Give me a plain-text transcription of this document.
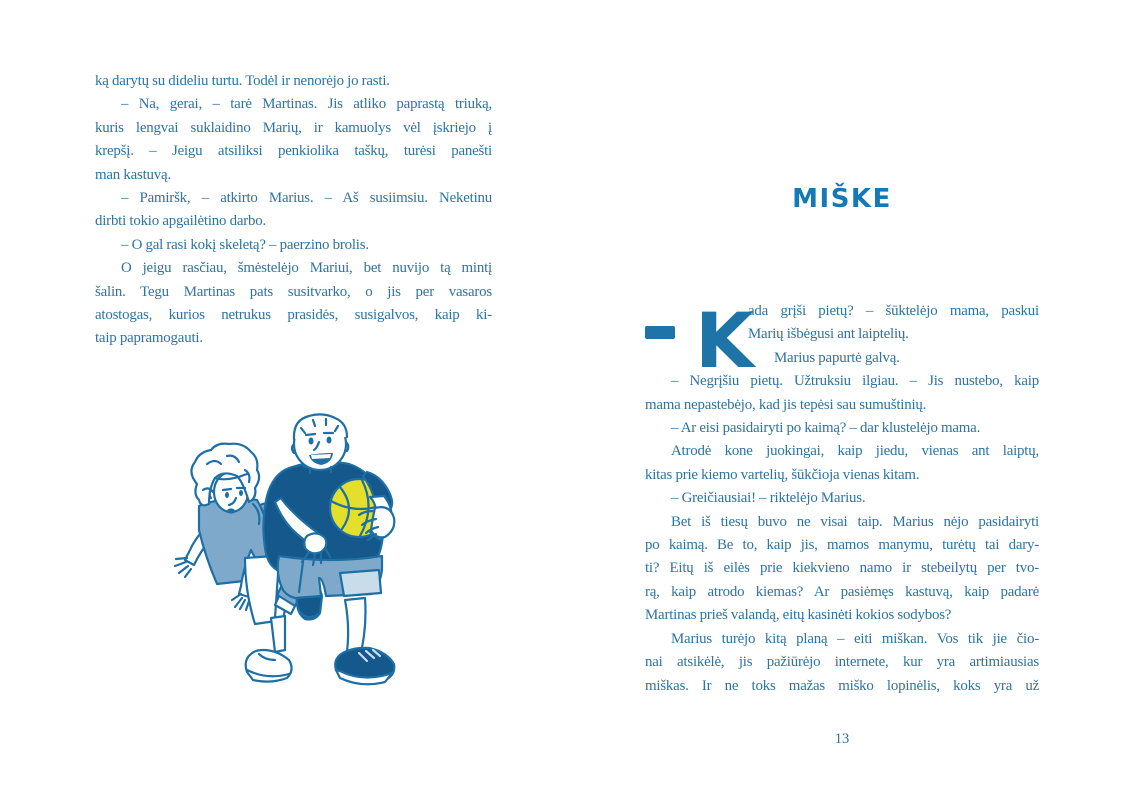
ką darytų su dideliu turtu. Todėl ir nenorėjo jo rasti.
– Na, gerai, – tarė Martinas. Jis atliko paprastą triuką,
kuris lengvai suklaidino Marių, ir kamuolys vėl įskriejo į
krepšį. – Jeigu atsiliksi penkiolika taškų, turėsi panešti
man kastuvą.
– Pamiršk, – atkirto Marius. – Aš susiimsiu. Neketinu
dirbti tokio apgailėtino darbo.
– O gal rasi kokį skeletą? – paerzino brolis.
O jeigu rasčiau, šmėstelėjo Mariui, bet nuvijo tą mintį
šalin. Tegu Martinas pats susitvarko, o jis per vasaros
atostogas, kurios netrukus prasidės, susigalvos, kaip ki-
taip papramogauti.
MIŠKE
K
ada grįši pietų? – šūktelėjo mama, paskui
Marių išbėgusi ant laiptelių.
Marius papurtė galvą.
– Negrįšiu pietų. Užtruksiu ilgiau. – Jis nustebo, kaip
mama nepastebėjo, kad jis tepėsi sau sumuštinių.
– Ar eisi pasidairyti po kaimą? – dar klustelėjo mama.
Atrodė kone juokingai, kaip jiedu, vienas ant laiptų,
kitas prie kiemo vartelių, šūkčioja vienas kitam.
– Greičiausiai! – riktelėjo Marius.
Bet iš tiesų buvo ne visai taip. Marius nėjo pasidairyti
po kaimą. Be to, kaip jis, mamos manymu, turėtų tai dary-
ti? Eitų iš eilės prie kiekvieno namo ir stebeilytų per tvo-
rą, kaip atrodo kiemas? Ar pasiėmęs kastuvą, kaip padarė
Martinas prieš valandą, eitų kasinėti kokios sodybos?
Marius turėjo kitą planą – eiti miškan. Vos tik jie čio-
nai atsikėlė, jis pažiūrėjo internete, kur yra artimiausias
miškas. Ir ne toks mažas miško lopinėlis, koks yra už
13
